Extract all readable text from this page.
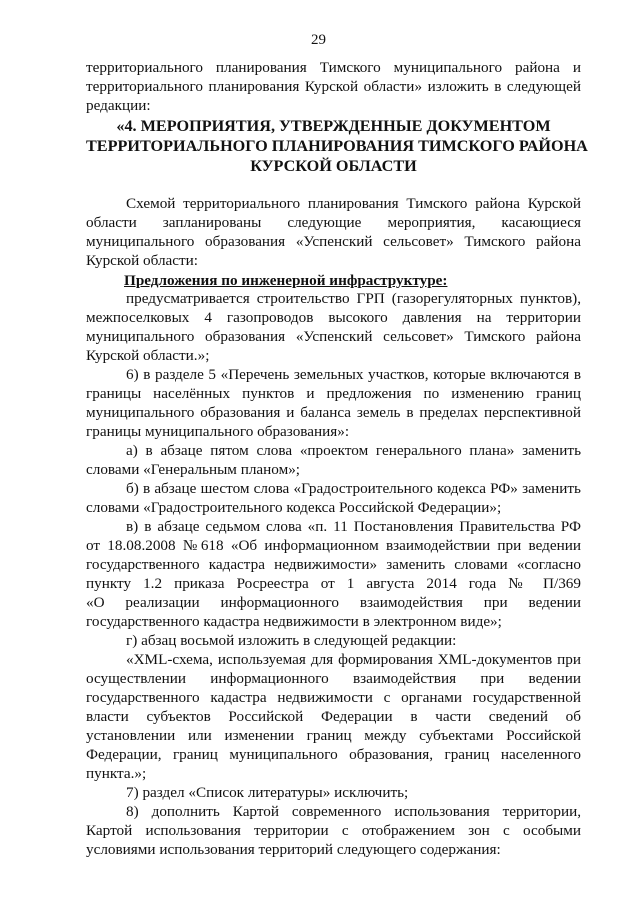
29
территориального планирования Тимского муниципального района и
территориального планирования Курской области» изложить в следующей
редакции:
«4. МЕРОПРИЯТИЯ, УТВЕРЖДЕННЫЕ ДОКУМЕНТОМ
ТЕРРИТОРИАЛЬНОГО ПЛАНИРОВАНИЯ ТИМСКОГО РАЙОНА
КУРСКОЙ ОБЛАСТИ
Схемой территориального планирования Тимского района Курской
области запланированы следующие мероприятия, касающиеся
муниципального образования «Успенский сельсовет» Тимского района
Курской области:
Предложения по инженерной инфраструктуре:
предусматривается строительство ГРП (газорегуляторных пунктов),
межпоселковых 4 газопроводов высокого давления на территории
муниципального образования «Успенский сельсовет» Тимского района
Курской области.»;
6) в разделе 5 «Перечень земельных участков, которые включаются в
границы населённых пунктов и предложения по изменению границ
муниципального образования и баланса земель в пределах перспективной
границы муниципального образования»:
а) в абзаце пятом слова «проектом генерального плана» заменить
словами «Генеральным планом»;
б) в абзаце шестом слова «Градостроительного кодекса РФ» заменить
словами «Градостроительного кодекса Российской Федерации»;
в) в абзаце седьмом слова «п. 11 Постановления Правительства РФ
от 18.08.2008 №618 «Об информационном взаимодействии при ведении
государственного кадастра недвижимости» заменить словами «согласно
пункту 1.2 приказа Росреестра от 1 августа 2014 года № П/369
«О реализации информационного взаимодействия при ведении
государственного кадастра недвижимости в электронном виде»;
г) абзац восьмой изложить в следующей редакции:
«XML-схема, используемая для формирования XML-документов при
осуществлении информационного взаимодействия при ведении
государственного кадастра недвижимости с органами государственной
власти субъектов Российской Федерации в части сведений об
установлении или изменении границ между субъектами Российской
Федерации, границ муниципального образования, границ населенного
пункта.»;
7) раздел «Список литературы» исключить;
8) дополнить Картой современного использования территории,
Картой использования территории с отображением зон с особыми
условиями использования территорий следующего содержания:
